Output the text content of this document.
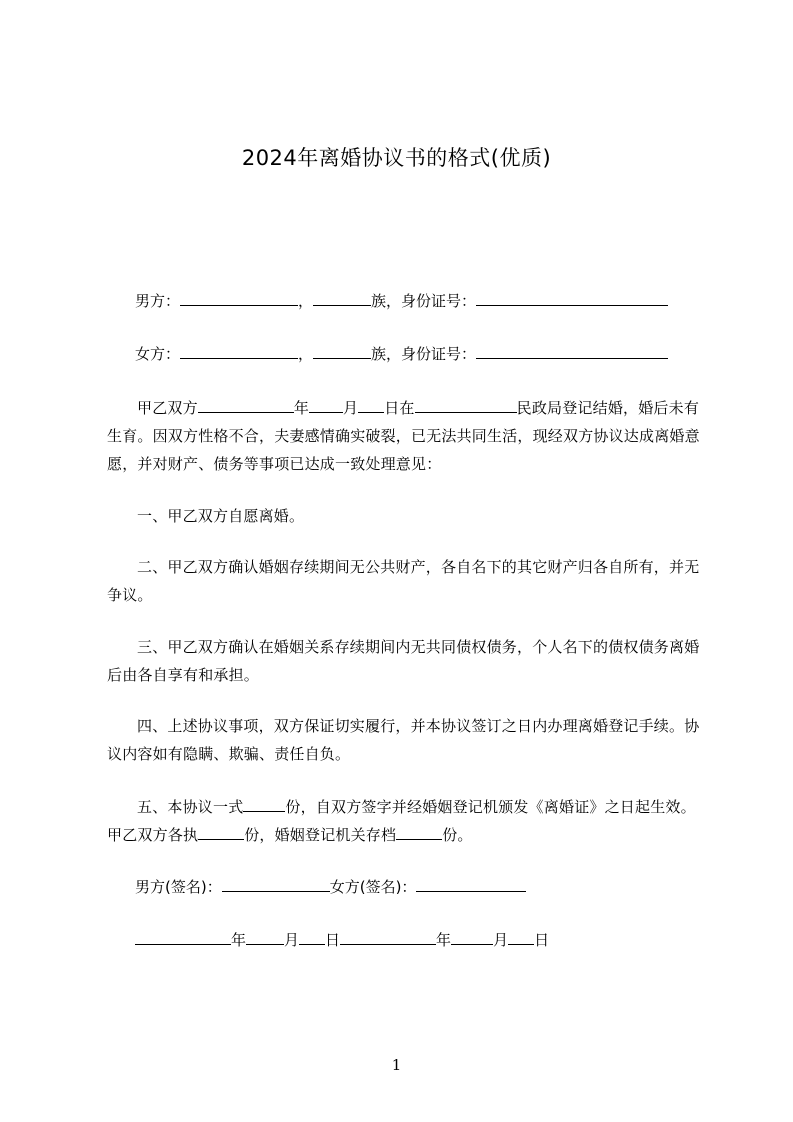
2024年离婚协议书的格式(优质)
男方：	，	族，身份证号：
女方：	，	族，身份证号：
甲乙双方	年 月 日在	民政局登记结婚，婚后未有生育。因双方性格不合，夫妻感情确实破裂，已无法共同生活，现经双方协议达成离婚意愿，并对财产、债务等事项已达成一致处理意见：
一、甲乙双方自愿离婚。
二、甲乙双方确认婚姻存续期间无公共财产，各自名下的其它财产归各自所有，并无争议。
三、甲乙双方确认在婚姻关系存续期间内无共同债权债务，个人名下的债权债务离婚后由各自享有和承担。
四、上述协议事项，双方保证切实履行，并本协议签订之日内办理离婚登记手续。协议内容如有隐瞒、欺骗、责任自负。
五、本协议一式	份，自双方签字并经婚姻登记机颁发《离婚证》之日起生效。甲乙双方各执	份，婚姻登记机关存档	份。
男方(签名)：	女方(签名)：
年	月 日	年	月 日
1
